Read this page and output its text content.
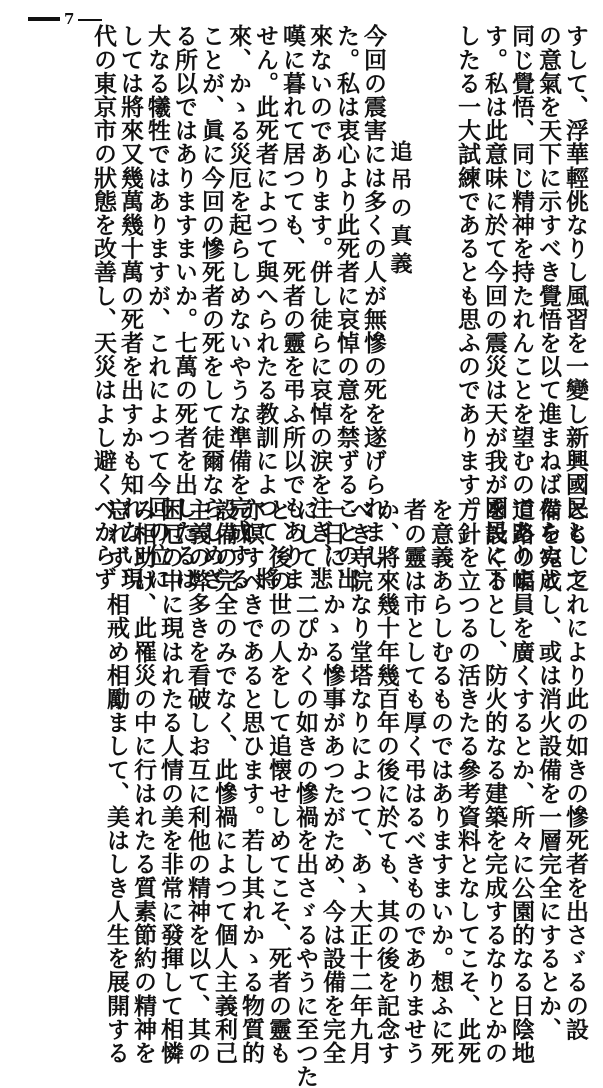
7

すして、浮華輕佻なりし風習を一變し新興國民として

の意氣を天下に示すべき覺悟を以て進まねばならぬと

同じ覺悟、同じ精神を持たれんことを望むのでありま

す。私は此意味に於て今回の震災は天が我が國民に下

したる一大試練であるとも思ふのであります。

追吊の真義

今回の震害には多くの人が無慘の死を遂げられまし

た。私は衷心より此死者に哀悼の意を禁ずることの出

來ないのであります。併し徒らに哀悼の涙を注ぎ、悲

嘆に暮れて居つても、死者の靈を弔ふ所以でもありま

せん。此死者によつて與へられたる教訓によつて、將

來、かゝる災厄を起らしめないやうな準備を完成する

ことが、眞に今回の慘死者の死をして徒爾ならしめざ

る所以ではありますまいか。七萬の死者を出したるは

大なる犧牲ではありますが、これによつて今回の位に

しては將來又幾萬幾十萬の死者を出すかも知れない現

代の東京市の狀態を改善し、天災はよし避くべからず

とも、之れにより此の如きの慘死者を出さゞるの設

備を完成し、或は消火設備を一層完全にするとか、

道路の幅員を廣くするとか、所々に公園的なる日陰地

を設くるとし、防火的なる建築を完成するなりとかの

方針を立つるの活きたる參考資料となしてこそ、此死

を意義あらしむるものではありますまいか。想ふに死

者の靈は市としても厚く弔はるべきものでありませう

か、將來幾十年幾百年の後に於ても、其の後を記念す

べき寺院なり堂塔なりによつて、あゝ大正十二年九月

一日に、かゝる慘事があつたがため、今は設備を完全

にして、二ぴかくの如きの慘禍を出さゞるやうに至つた

と、後の世の人をして追懐せしめてこそ、死者の靈も

亦瞑すべきであると思ひます。若し其れかゝる物質的

設備の完全のみでなく、此慘禍によつて個人主義利己

主義の弊多きを看破しお互に利他の精神を以て、其の

困厄の中に現はれたる人情の美を非常に發揮して相憐

み相助け、此罹災の中に行はれたる質素節約の精神を

忘れず、相戒め相勵まして、美はしき人生を展開する
